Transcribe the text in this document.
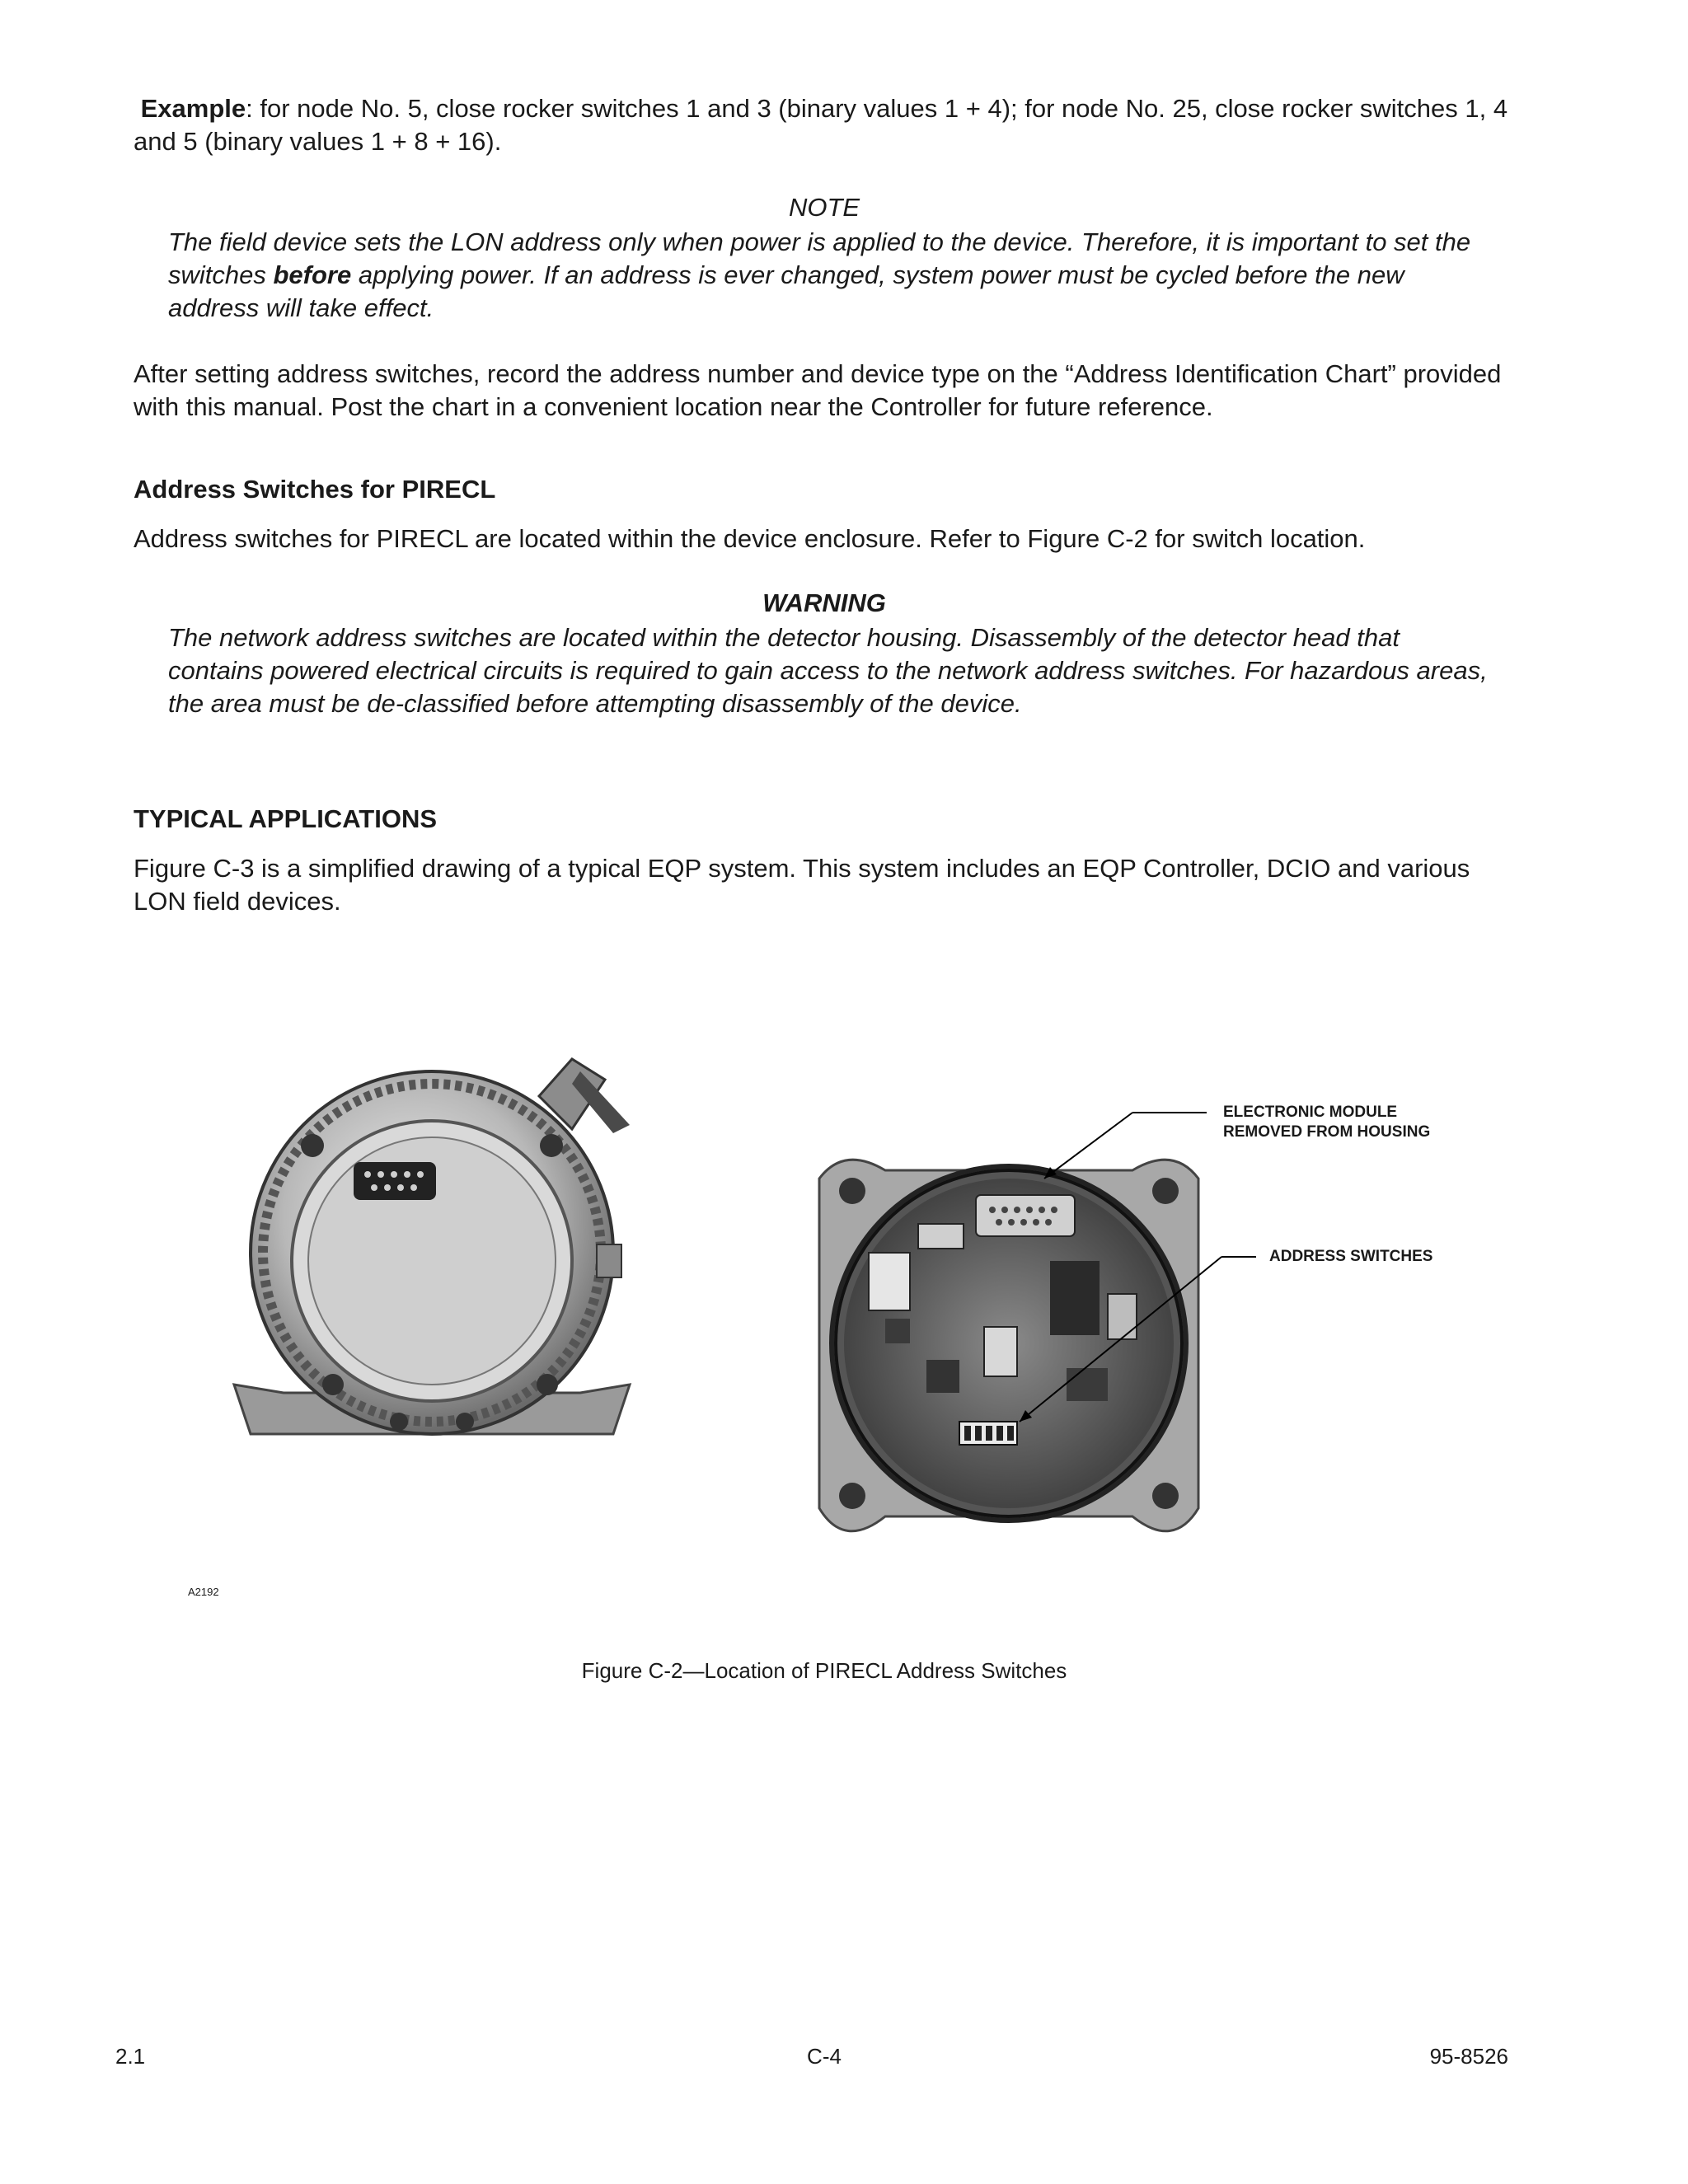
Example: for node No. 5, close rocker switches 1 and 3 (binary values 1 + 4); for node No. 25, close rocker switches 1, 4 and 5 (binary values 1 + 8 + 16).
NOTE
The field device sets the LON address only when power is applied to the device. Therefore, it is important to set the switches before applying power. If an address is ever changed, system power must be cycled before the new address will take effect.
After setting address switches, record the address number and device type on the “Address Identification Chart” provided with this manual. Post the chart in a convenient location near the Controller for future reference.
Address Switches for PIRECL
Address switches for PIRECL are located within the device enclosure. Refer to Figure C-2 for switch location.
WARNING
The network address switches are located within the detector housing. Disassembly of the detector head that contains powered electrical circuits is required to gain access to the network address switches. For hazardous areas, the area must be de-classified before attempting disassembly of the device.
TYPICAL APPLICATIONS
Figure C-3 is a simplified drawing of a typical EQP system. This system includes an EQP Controller, DCIO and various LON field devices.
ELECTRONIC MODULE
REMOVED FROM HOUSING
ADDRESS SWITCHES
A2192
Figure C-2—Location of PIRECL Address Switches
2.1	C-4	95-8526
